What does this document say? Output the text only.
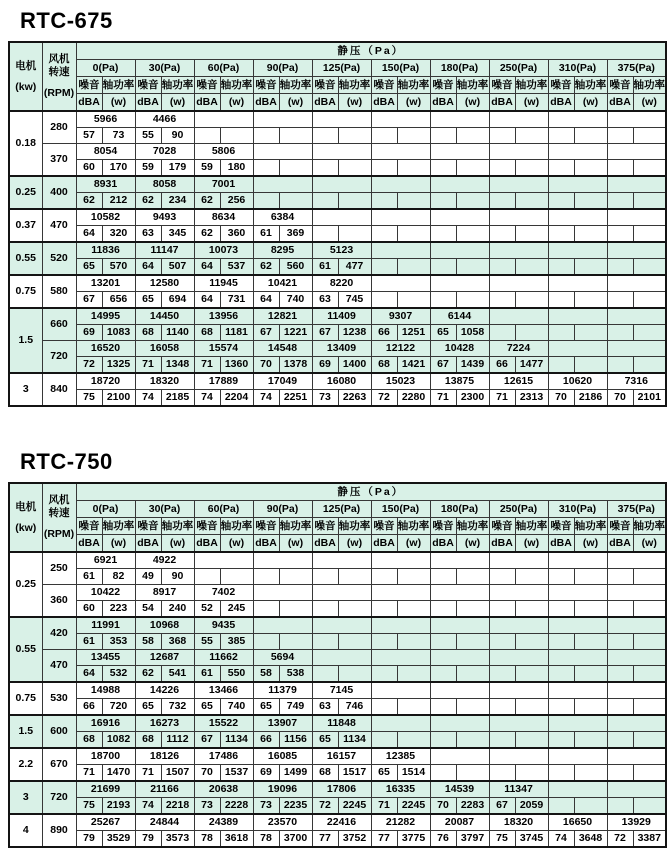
RTC-675
电机
(kw)

风机
转速
(RPM)
	静压（Pa）
		0(Pa)		30(Pa)		60(Pa)		90(Pa)		125(Pa)		150(Pa)		180(Pa)		250(Pa)		310(Pa)		375(Pa)	
		噪音	轴功率	噪音	轴功率	噪音	轴功率	噪音	轴功率	噪音	轴功率	噪音	轴功率	噪音	轴功率	噪音	轴功率	噪音	轴功率	噪音	轴功率
		dBA	(w)	dBA	(w)	dBA	(w)	dBA	(w)	dBA	(w)	dBA	(w)	dBA	(w)	dBA	(w)	dBA	(w)	dBA	(w)
0.18	280	5966		4466																	
		57	73	55	90																
	370	8054		7028		5806															
		60	170	59	179	59	180														
0.25	400	8931		8058		7001															
		62	212	62	234	62	256														
0.37	470	10582		9493		8634		6384													
		64	320	63	345	62	360	61	369												
0.55	520	11836		11147		10073		8295		5123											
		65	570	64	507	64	537	62	560	61	477										
0.75	580	13201		12580		11945		10421		8220											
		67	656	65	694	64	731	64	740	63	745										
1.5	660	14995		14450		13956		12821		11409		9307		6144							
		69	1083	68	1140	68	1181	67	1221	67	1238	66	1251	65	1058						
	720	16520		16058		15574		14548		13409		12122		10428		7224					
		72	1325	71	1348	71	1360	70	1378	69	1400	68	1421	67	1439	66	1477				
3	840	18720		18320		17889		17049		16080		15023		13875		12615		10620		7316	
		75	2100	74	2185	74	2204	74	2251	73	2263	72	2280	71	2300	71	2313	70	2186	70	2101
RTC-750
电机
(kw)

风机
转速
(RPM)
	静压（Pa）
		0(Pa)		30(Pa)		60(Pa)		90(Pa)		125(Pa)		150(Pa)		180(Pa)		250(Pa)		310(Pa)		375(Pa)	
		噪音	轴功率	噪音	轴功率	噪音	轴功率	噪音	轴功率	噪音	轴功率	噪音	轴功率	噪音	轴功率	噪音	轴功率	噪音	轴功率	噪音	轴功率
		dBA	(w)	dBA	(w)	dBA	(w)	dBA	(w)	dBA	(w)	dBA	(w)	dBA	(w)	dBA	(w)	dBA	(w)	dBA	(w)
0.25	250	6921		4922																	
		61	82	49	90																
	360	10422		8917		7402															
		60	223	54	240	52	245														
0.55	420	11991		10968		9435															
		61	353	58	368	55	385														
	470	13455		12687		11662		5694													
		64	532	62	541	61	550	58	538												
0.75	530	14988		14226		13466		11379		7145											
		66	720	65	732	65	740	65	749	63	746										
1.5	600	16916		16273		15522		13907		11848											
		68	1082	68	1112	67	1134	66	1156	65	1134										
2.2	670	18700		18126		17486		16085		16157		12385									
		71	1470	71	1507	70	1537	69	1499	68	1517	65	1514								
3	720	21699		21166		20638		19096		17806		16335		14539		11347					
		75	2193	74	2218	73	2228	73	2235	72	2245	71	2245	70	2283	67	2059				
4	890	25267		24844		24389		23570		22416		21282		20087		18320		16650		13929	
		79	3529	79	3573	78	3618	78	3700	77	3752	77	3775	76	3797	75	3745	74	3648	72	3387
